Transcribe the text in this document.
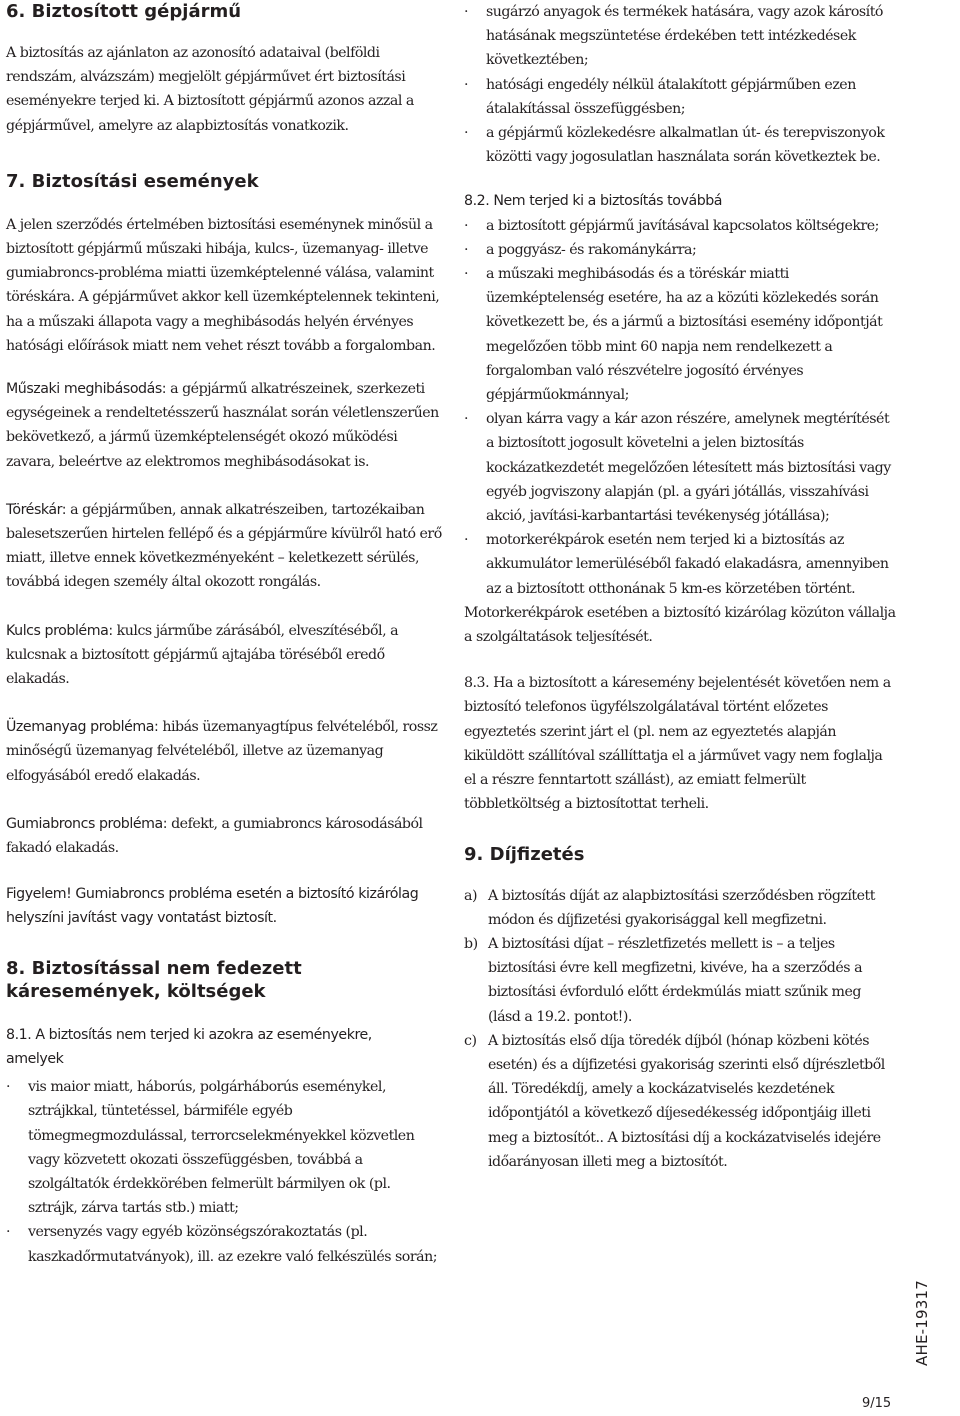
6. Biztosított gépjármű

A biztosítás az ajánlaton az azonosító adataival (belföldi rendszám, alvázszám) megjelölt gépjárművet ért biztosítási eseményekre terjed ki. A biztosított gépjármű azonos azzal a gépjárművel, amelyre az alapbiztosítás vonatkozik.

7. Biztosítási események

A jelen szerződés értelmében biztosítási eseménynek minősül a biztosított gépjármű műszaki hibája, kulcs-, üzemanyag- illetve gumiabroncs-probléma miatti üzemképtelenné válása, valamint töréskára. A gépjárművet akkor kell üzemképtelennek tekinteni, ha a műszaki állapota vagy a meghibásodás helyén érvényes hatósági előírások miatt nem vehet részt tovább a forgalomban.

Műszaki meghibásodás: a gépjármű alkatrészeinek, szerkezeti egységeinek a rendeltetésszerű használat során véletlenszerűen bekövetkező, a jármű üzemképtelenségét okozó működési zavara, beleértve az elektromos meghibásodásokat is.

Töréskár: a gépjárműben, annak alkatrészeiben, tartozékaiban balesetszerűen hirtelen fellépő és a gépjárműre kívülről ható erő miatt, illetve ennek következményeként – keletkezett sérülés, továbbá idegen személy által okozott rongálás.

Kulcs probléma: kulcs járműbe zárásából, elveszítéséből, a kulcsnak a biztosított gépjármű ajtajába töréséből eredő elakadás.

Üzemanyag probléma: hibás üzemanyagtípus felvételéből, rossz minőségű üzemanyag felvételéből, illetve az üzemanyag elfogyásából eredő elakadás.

Gumiabroncs probléma: defekt, a gumiabroncs károsodásából fakadó elakadás.

Figyelem! Gumiabroncs probléma esetén a biztosító kizárólag helyszíni javítást vagy vontatást biztosít.

8. Biztosítással nem fedezett káresemények, költségek

8.1. A biztosítás nem terjed ki azokra az eseményekre, amelyek

·	vis maior miatt, háborús, polgárháborús eseménykel, sztrájkkal, tüntetéssel, bármiféle egyéb tömegmegmozdulással, terrorcselekményekkel közvetlen vagy közvetett okozati összefüggésben, továbbá a szolgáltatók érdekkörében felmerült bármilyen ok (pl. sztrájk, zárva tartás stb.) miatt;
·	versenyzés vagy egyéb közönségszórakoztatás (pl. kaszkadőrmutatványok), ill. az ezekre való felkészülés során;
·	sugárzó anyagok és termékek hatására, vagy azok károsító hatásának megszüntetése érdekében tett intézkedések következtében;
·	hatósági engedély nélkül átalakított gépjárműben ezen átalakítással összefüggésben;
·	a gépjármű közlekedésre alkalmatlan út- és terepviszonyok közötti vagy jogosulatlan használata során következtek be.

8.2. Nem terjed ki a biztosítás továbbá

·	a biztosított gépjármű javításával kapcsolatos költségekre;
·	a poggyász- és rakománykárra;
·	a műszaki meghibásodás és a töréskár miatti üzemképtelenség esetére, ha az a közúti közlekedés során következett be, és a jármű a biztosítási esemény időpontját megelőzően több mint 60 napja nem rendelkezett a forgalomban való részvételre jogosító érvényes gépjárműokmánnyal;
·	olyan kárra vagy a kár azon részére, amelynek megtérítését a biztosított jogosult követelni a jelen biztosítás kockázatkezdetét megelőzően létesített más biztosítási vagy egyéb jogviszony alapján (pl. a gyári jótállás, visszahívási akció, javítási-karbantartási tevékenység jótállása);
·	motorkerékpárok esetén nem terjed ki a biztosítás az akkumulátor lemerüléséből fakadó elakadásra, amennyiben az a biztosított otthonának 5 km-es körzetében történt.

Motorkerékpárok esetében a biztosító kizárólag közúton vállalja a szolgáltatások teljesítését.

8.3. Ha a biztosított a káresemény bejelentését követően nem a biztosító telefonos ügyfélszolgálatával történt előzetes egyeztetés szerint járt el (pl. nem az egyeztetés alapján kiküldött szállítóval szállíttatja el a járművet vagy nem foglalja el a részre fenntartott szállást), az emiatt felmerült többletköltség a biztosítottat terheli.

9. Díjfizetés
a) A biztosítás díját az alapbiztosítási szerződésben rögzített módon és díjfizetési gyakorisággal kell megfizetni.
b) A biztosítási díjat – részletfizetés mellett is – a teljes biztosítási évre kell megfizetni, kivéve, ha a szerződés a biztosítási évforduló előtt érdekmúlás miatt szűnik meg (lásd a 19.2. pontot!).
c) A biztosítás első díja töredék díjból (hónap közbeni kötés esetén) és a díjfizetési gyakoriság szerinti első díjrészletből áll. Töredékdíj, amely a kockázatviselés kezdetének időpontjától a következő díjesedékesség időpontjáig illeti meg a biztosítót.. A biztosítási díj a kockázatviselés idejére időarányosan illeti meg a biztosítót.
AHE-19317
9/15
